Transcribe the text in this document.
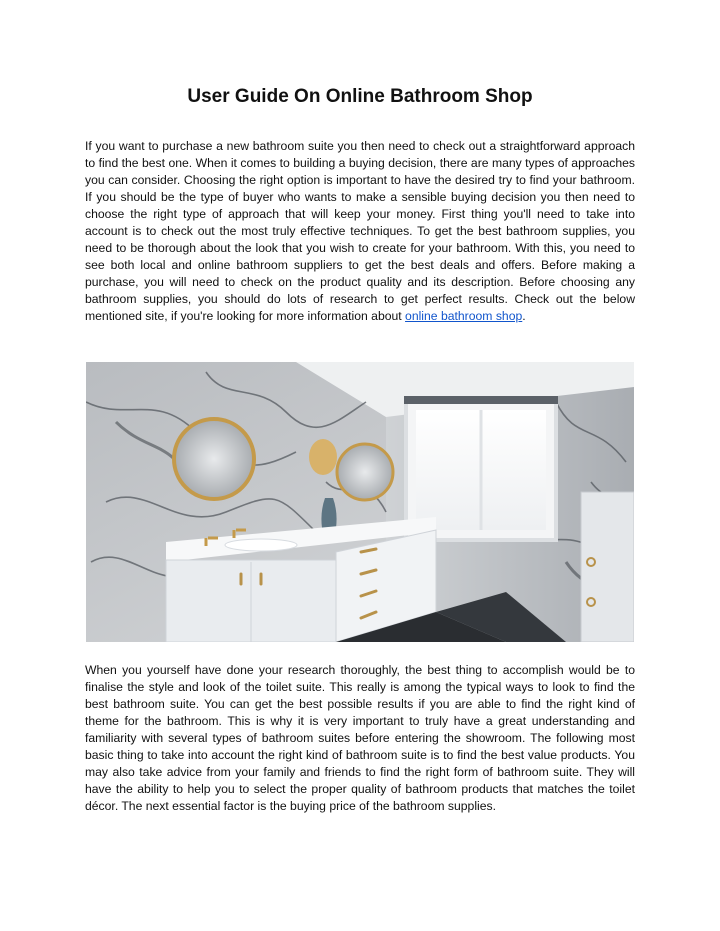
User Guide On Online Bathroom Shop

If you want to purchase a new bathroom suite you then need to check out a straightforward approach to find the best one. When it comes to building a buying decision, there are many types of approaches you can consider. Choosing the right option is important to have the desired try to find your bathroom. If you should be the type of buyer who wants to make a sensible buying decision you then need to choose the right type of approach that will keep your money. First thing you'll need to take into account is to check out the most truly effective techniques. To get the best bathroom supplies, you need to be thorough about the look that you wish to create for your bathroom. With this, you need to see both local and online bathroom suppliers to get the best deals and offers. Before making a purchase, you will need to check on the product quality and its description. Before choosing any bathroom supplies, you should do lots of research to get perfect results. Check out the below mentioned site, if you're looking for more information about online bathroom shop.

When you yourself have done your research thoroughly, the best thing to accomplish would be to finalise the style and look of the toilet suite. This really is among the typical ways to look to find the best bathroom suite. You can get the best possible results if you are able to find the right kind of theme for the bathroom. This is why it is very important to truly have a great understanding and familiarity with several types of bathroom suites before entering the showroom. The following most basic thing to take into account the right kind of bathroom suite is to find the best value products. You may also take advice from your family and friends to find the right form of bathroom suite. They will have the ability to help you to select the proper quality of bathroom products that matches the toilet décor. The next essential factor is the buying price of the bathroom supplies.
